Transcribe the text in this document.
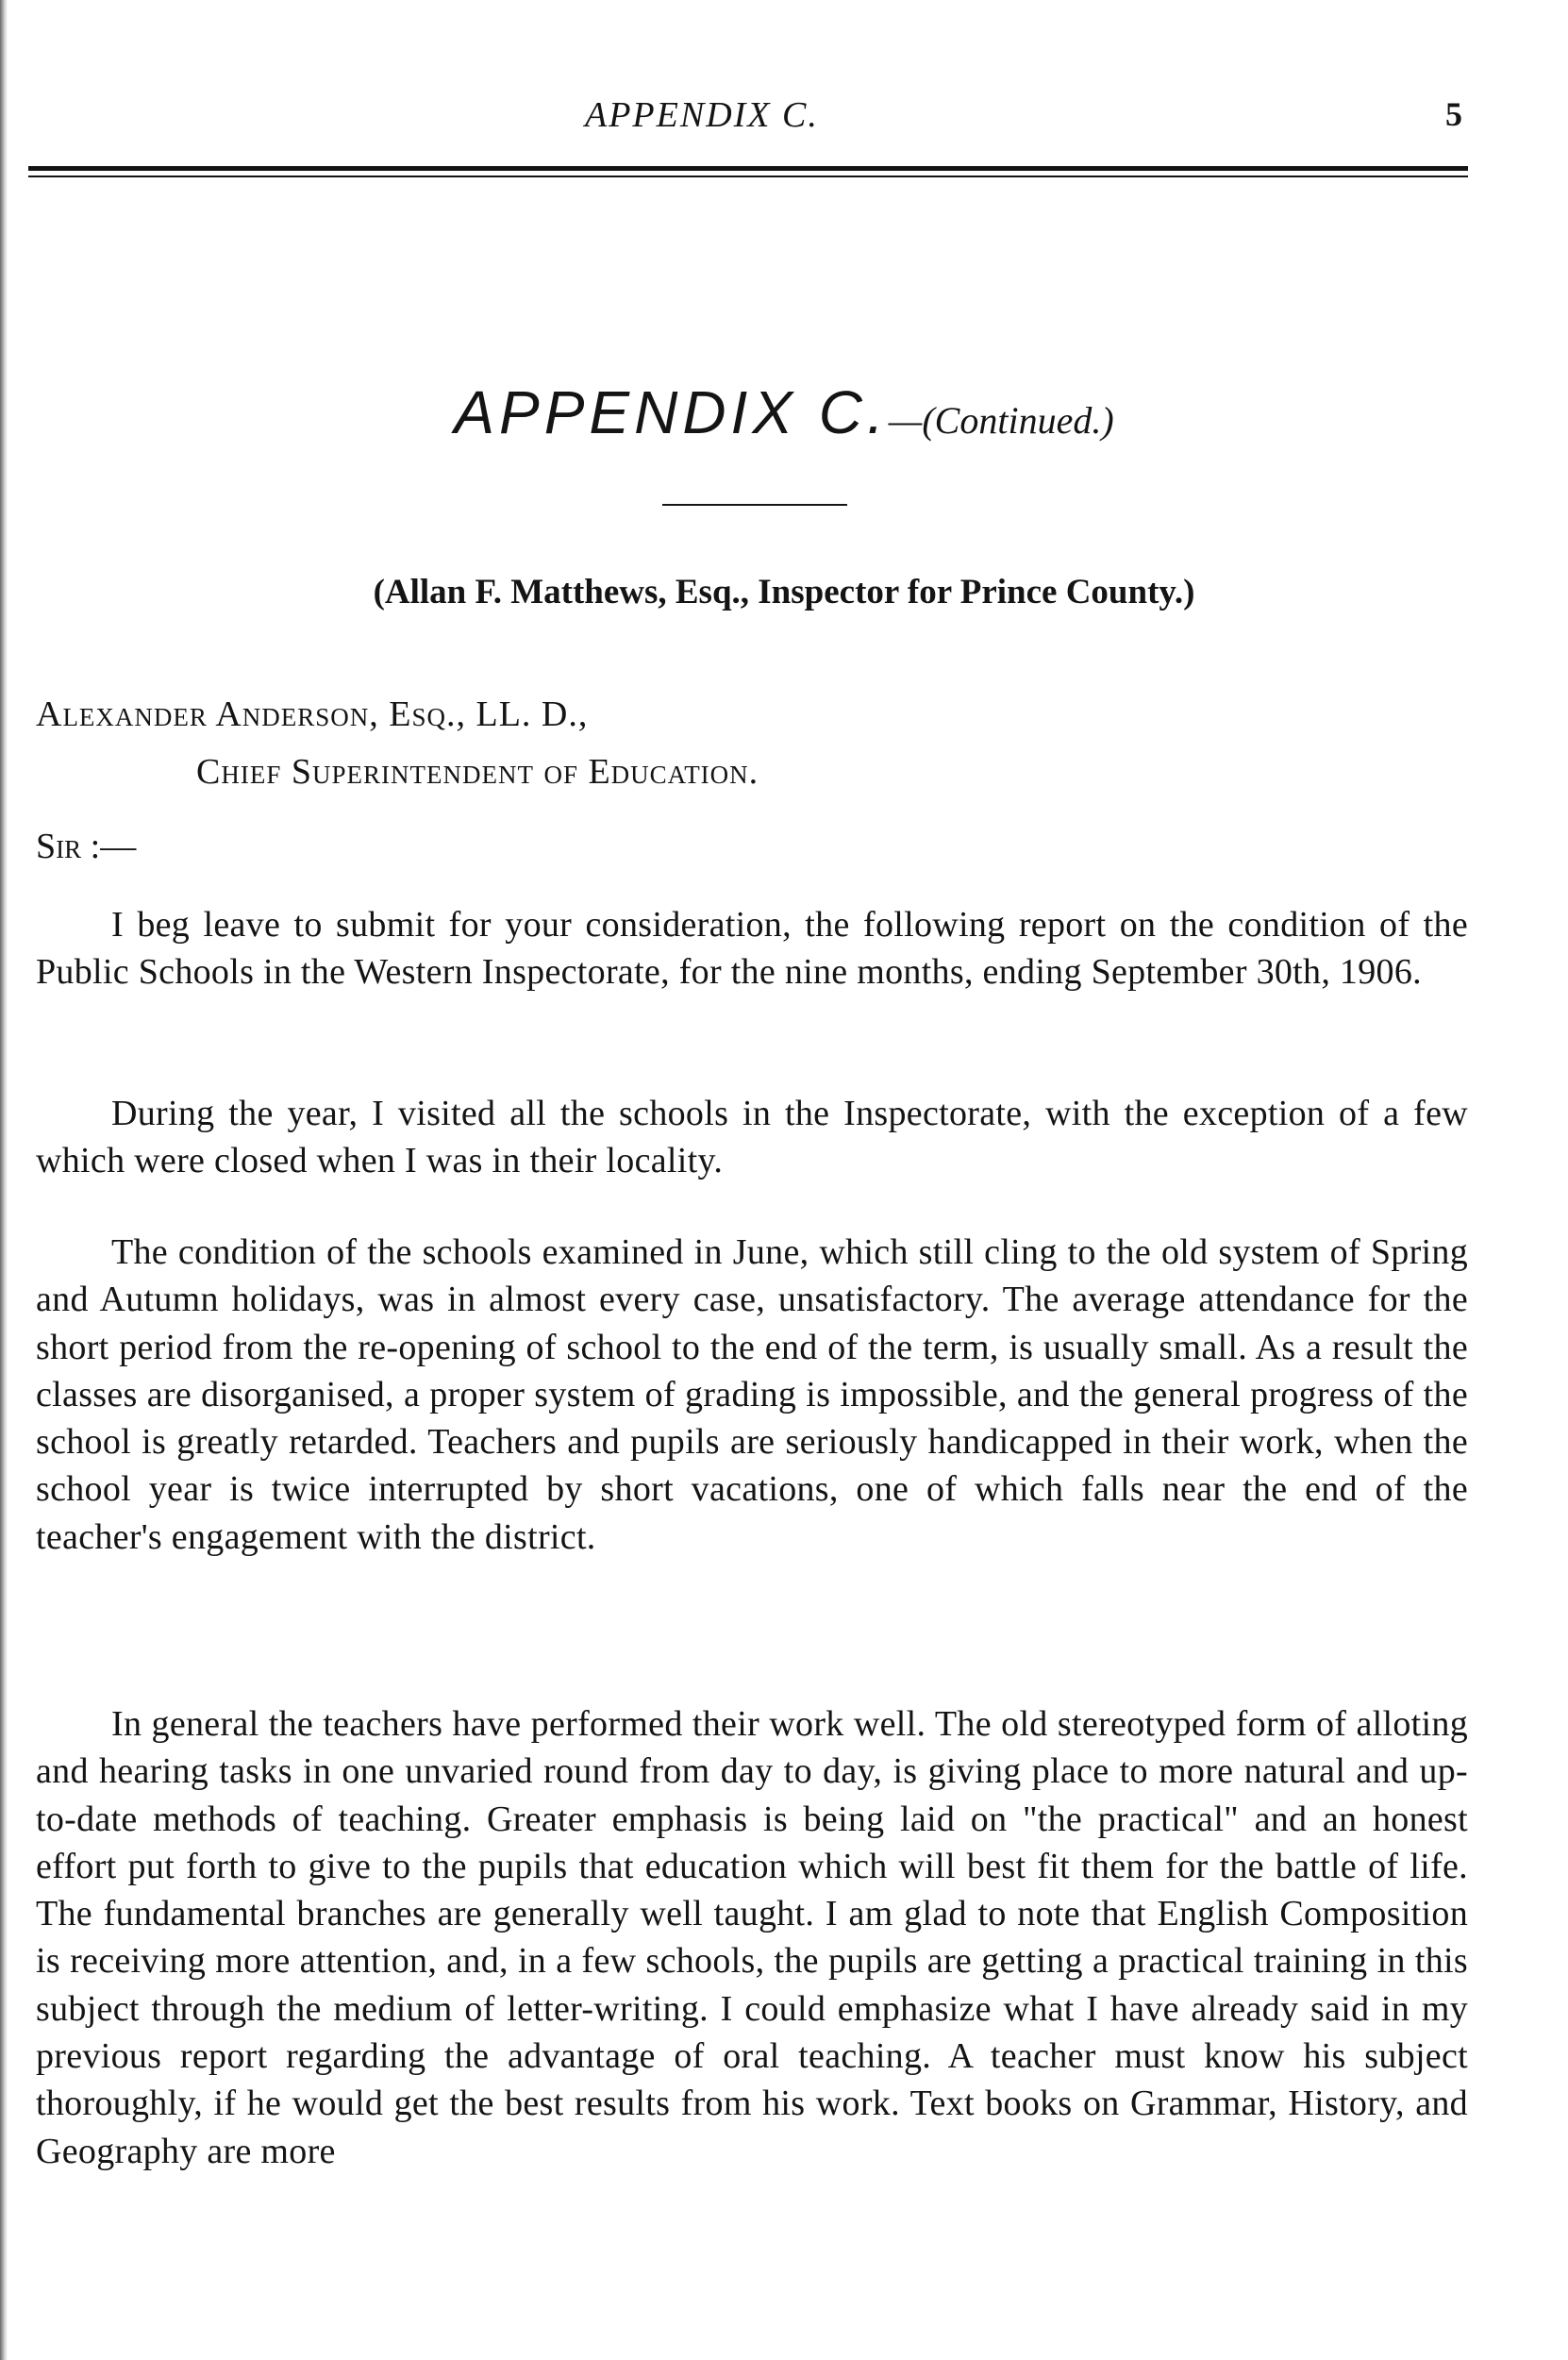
APPENDIX C.	5
APPENDIX C.—(Continued.)
(Allan F. Matthews, Esq., Inspector for Prince County.)
Alexander Anderson, Esq., LL. D.,
Chief Superintendent of Education.
Sir :—

I beg leave to submit for your consideration, the following report on the condition of the Public Schools in the Western Inspectorate, for the nine months, ending September 30th, 1906.

During the year, I visited all the schools in the Inspectorate, with the exception of a few which were closed when I was in their locality.

The condition of the schools examined in June, which still cling to the old system of Spring and Autumn holidays, was in almost every case, unsatisfactory. The average attendance for the short period from the re-opening of school to the end of the term, is usually small. As a result the classes are disorganised, a proper system of grading is impossible, and the general progress of the school is greatly retarded. Teachers and pupils are seriously handicapped in their work, when the school year is twice interrupted by short vacations, one of which falls near the end of the teacher's engagement with the district.

In general the teachers have performed their work well. The old stereotyped form of alloting and hearing tasks in one unvaried round from day to day, is giving place to more natural and up-to-date methods of teaching. Greater emphasis is being laid on "the practical" and an honest effort put forth to give to the pupils that education which will best fit them for the battle of life. The fundamental branches are generally well taught. I am glad to note that English Composition is receiving more attention, and, in a few schools, the pupils are getting a practical training in this subject through the medium of letter-writing. I could emphasize what I have already said in my previous report regarding the advantage of oral teaching. A teacher must know his subject thoroughly, if he would get the best results from his work. Text books on Grammar, History, and Geography are more
